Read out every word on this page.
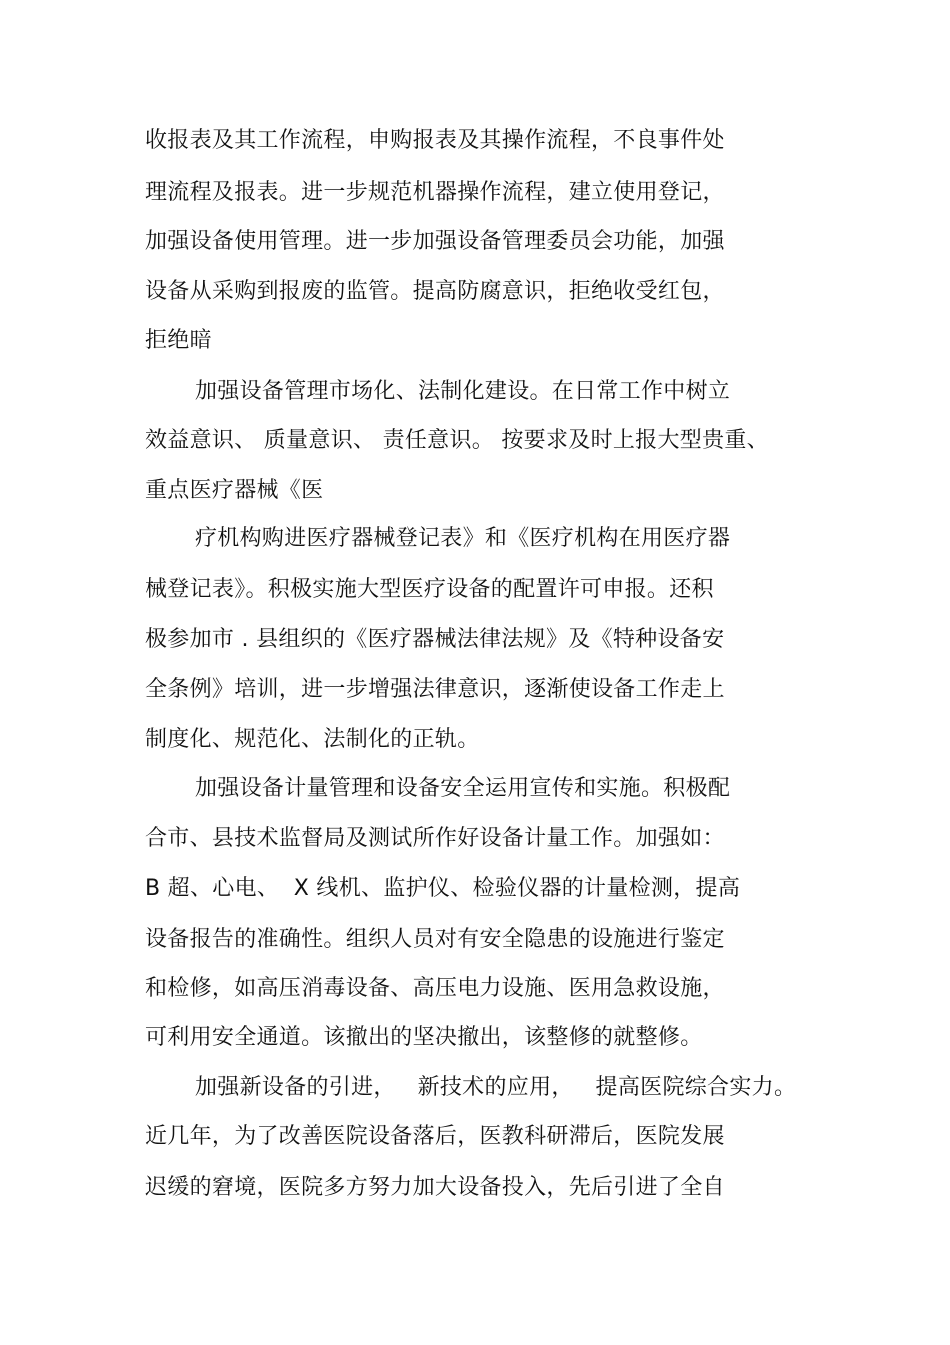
收报表及其工作流程，申购报表及其操作流程，不良事件处
理流程及报表。进一步规范机器操作流程，建立使用登记，
加强设备使用管理。进一步加强设备管理委员会功能，加强
设备从采购到报废的监管。提高防腐意识，拒绝收受红包，
拒绝暗
加强设备管理市场化、法制化建设。在日常工作中树立
效益意识、 质量意识、 责任意识。 按要求及时上报大型贵重、
重点医疗器械《医
疗机构购进医疗器械登记表》和《医疗机构在用医疗器
械登记表》。积极实施大型医疗设备的配置许可申报。还积
极参加市 . 县组织的《医疗器械法律法规》及《特种设备安
全条例》培训，进一步增强法律意识，逐渐使设备工作走上
制度化、规范化、法制化的正轨。
加强设备计量管理和设备安全运用宣传和实施。积极配
合市、县技术监督局及测试所作好设备计量工作。加强如：
B 超、心电、  X 线机、监护仪、检验仪器的计量检测，提高
设备报告的准确性。组织人员对有安全隐患的设施进行鉴定
和检修，如高压消毒设备、高压电力设施、医用急救设施，
可利用安全通道。该撤出的坚决撤出，该整修的就整修。
加强新设备的引进，   新技术的应用，   提高医院综合实力。
近几年，为了改善医院设备落后，医教科研滞后，医院发展
迟缓的窘境，医院多方努力加大设备投入，先后引进了全自
